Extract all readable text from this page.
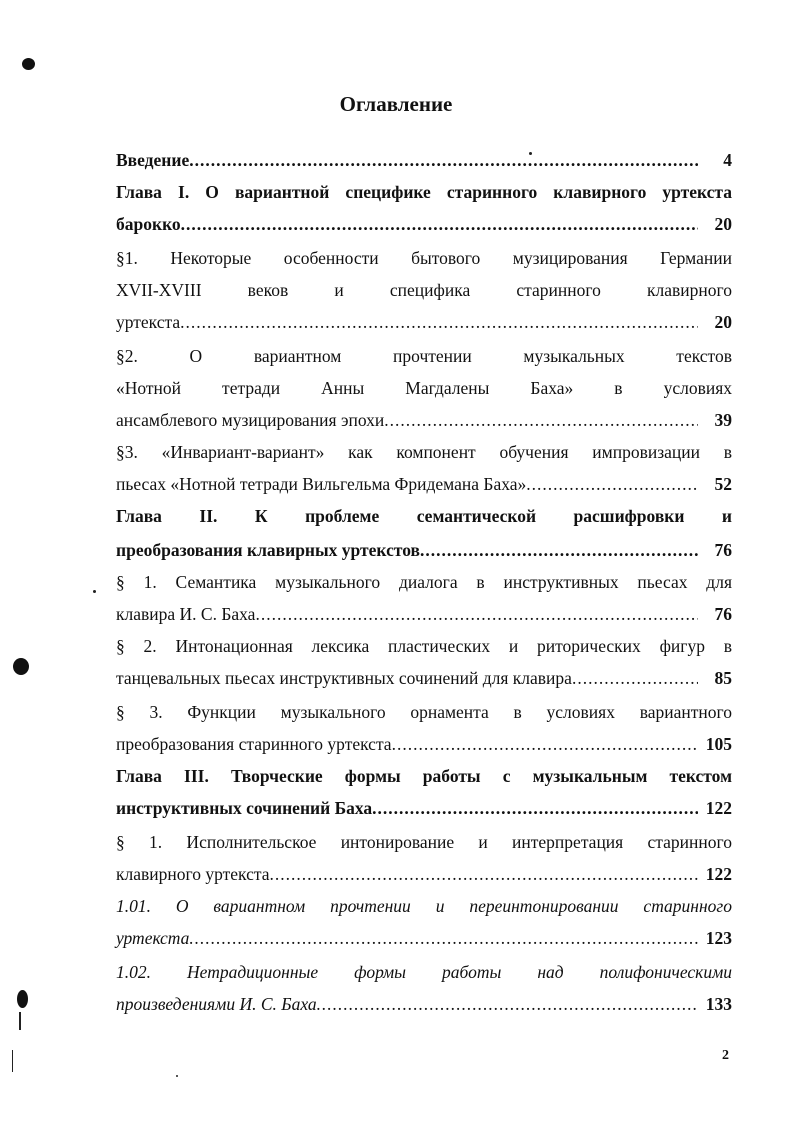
Оглавление
Введение .....	4
Глава I. О вариантной специфике старинного клавирного уртекста
барокко .....	20
§1. Некоторые особенности бытового музицирования Германии
XVII-XVIII веков и специфика старинного клавирного
уртекста .....	20
§2. О вариантном прочтении музыкальных текстов
«Нотной тетради Анны Магдалены Баха» в условиях
ансамблевого музицирования эпохи .....	39
§3. «Инвариант-вариант» как компонент обучения импровизации в
пьесах «Нотной тетради Вильгельма Фридемана Баха» .....	52
Глава II. К проблеме семантической расшифровки и
преобразования клавирных уртекстов .....	76
§ 1. Семантика музыкального диалога в инструктивных пьесах для
клавира И. С. Баха .....	76
§ 2. Интонационная лексика пластических и риторических фигур в
танцевальных пьесах инструктивных сочинений для клавира .....	85
§ 3. Функции музыкального орнамента в условиях вариантного
преобразования старинного уртекста .....	105
Глава III. Творческие формы работы с музыкальным текстом
инструктивных сочинений Баха .....	122
§ 1. Исполнительское интонирование и интерпретация старинного
клавирного уртекста .....	122
1.01. О вариантном прочтении и переинтонировании старинного
уртекста .....	123
1.02. Нетрадиционные формы работы над полифоническими
произведениями И. С. Баха .....	133
2
